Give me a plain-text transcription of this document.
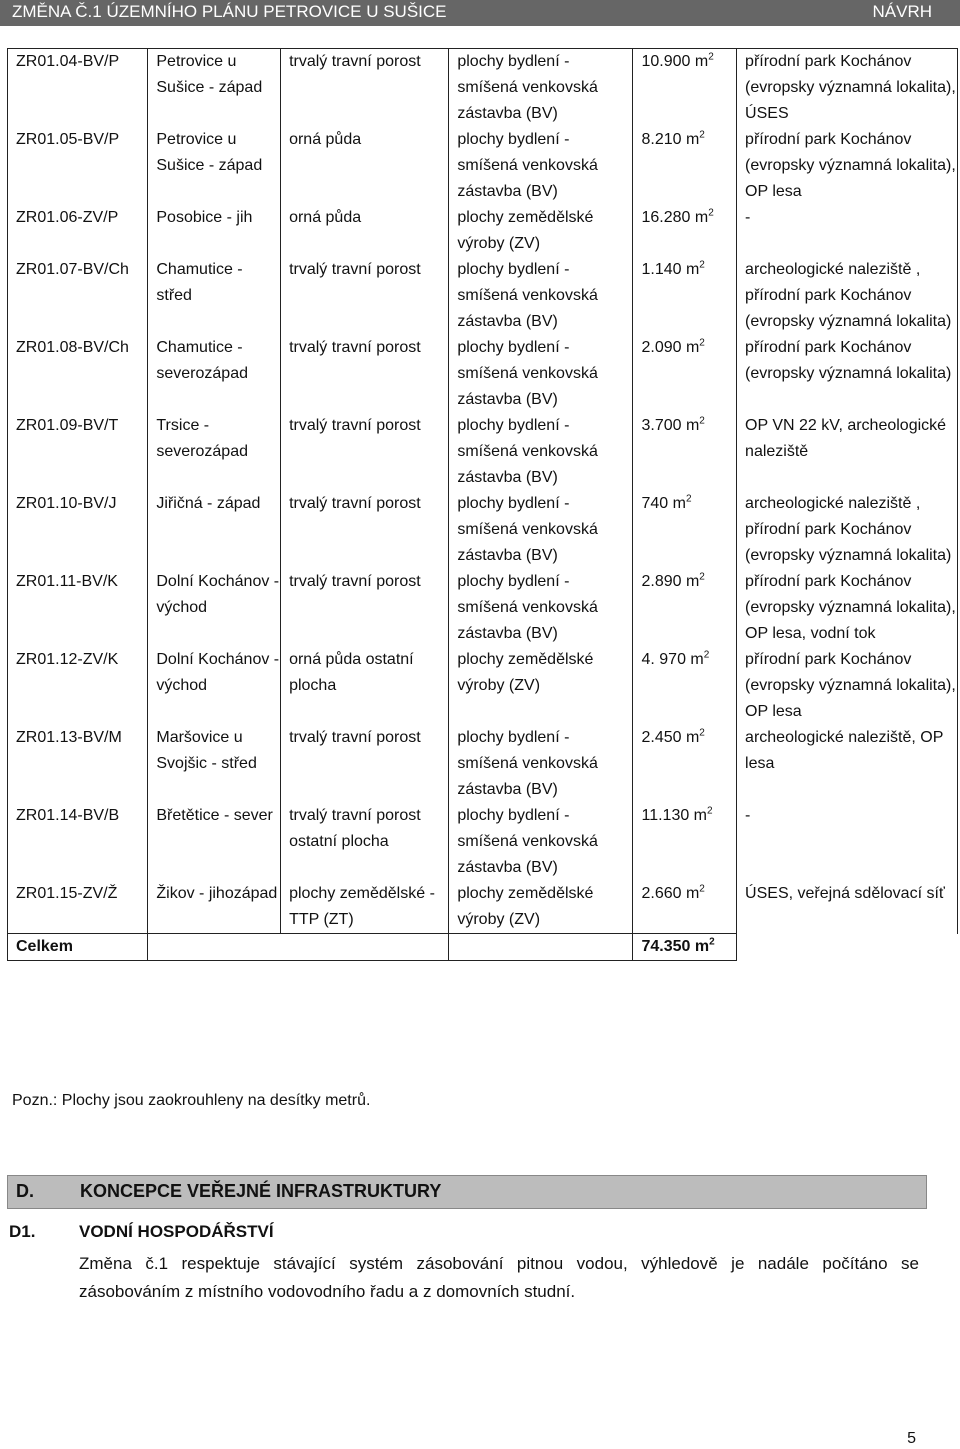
ZMĚNA Č.1 ÚZEMNÍHO PLÁNU PETROVICE U SUŠICE	NÁVRH
ZR01.04-BV/P	Petrovice u Sušice - západ	trvalý travní porost	plochy bydlení - smíšená venkovská zástavba (BV)	10.900 $m^2$	přírodní park Kochánov (evropsky významná lokalita), ÚSES
ZR01.05-BV/P	Petrovice u Sušice - západ	orná půda	plochy bydlení - smíšená venkovská zástavba (BV)	8.210 $m^2$	přírodní park Kochánov (evropsky významná lokalita), OP lesa
ZR01.06-ZV/P	Posobice - jih	orná půda	plochy zemědělské výroby (ZV)	16.280 $m^2$	-
ZR01.07-BV/Ch	Chamutice - střed	trvalý travní porost	plochy bydlení - smíšená venkovská zástavba (BV)	1.140 $m^2$	archeologické naleziště , přírodní park Kochánov (evropsky významná lokalita)
ZR01.08-BV/Ch	Chamutice - severozápad	trvalý travní porost	plochy bydlení - smíšená venkovská zástavba (BV)	2.090 $m^2$	přírodní park Kochánov (evropsky významná lokalita)
ZR01.09-BV/T	Trsice - severozápad	trvalý travní porost	plochy bydlení - smíšená venkovská zástavba (BV)	3.700 $m^2$	OP VN 22 kV, archeologické naleziště
ZR01.10-BV/J	Jiřičná - západ	trvalý travní porost	plochy bydlení - smíšená venkovská zástavba (BV)	740 $m^2$	archeologické naleziště , přírodní park Kochánov (evropsky významná lokalita)
ZR01.11-BV/K	Dolní Kochánov - východ	trvalý travní porost	plochy bydlení - smíšená venkovská zástavba (BV)	2.890 $m^2$	přírodní park Kochánov (evropsky významná lokalita), OP lesa, vodní tok
ZR01.12-ZV/K	Dolní Kochánov - východ	orná půda ostatní plocha	plochy zemědělské výroby (ZV)	4. 970 $m^2$	přírodní park Kochánov (evropsky významná lokalita), OP lesa
ZR01.13-BV/M	Maršovice u Svojšic - střed	trvalý travní porost	plochy bydlení - smíšená venkovská zástavba (BV)	2.450 $m^2$	archeologické naleziště, OP lesa
ZR01.14-BV/B	Břetětice - sever	trvalý travní porost ostatní plocha	plochy bydlení - smíšená venkovská zástavba (BV)	11.130 $m^2$	-
ZR01.15-ZV/Ž	Žikov - jihozápad	plochy zemědělské - TTP (ZT)	plochy zemědělské výroby (ZV)	2.660 $m^2$	ÚSES, veřejná sdělovací síť
Celkem				74.350 $m^2$	
Pozn.: Plochy jsou zaokrouhleny na desítky metrů.
D.	KONCEPCE VEŘEJNÉ INFRASTRUKTURY
D1.	VODNÍ HOSPODÁŘSTVÍ
Změna č.1 respektuje stávající systém zásobování pitnou vodou, výhledově je nadále počítáno se zásobováním z místního vodovodního řadu a z domovních studní.
5
